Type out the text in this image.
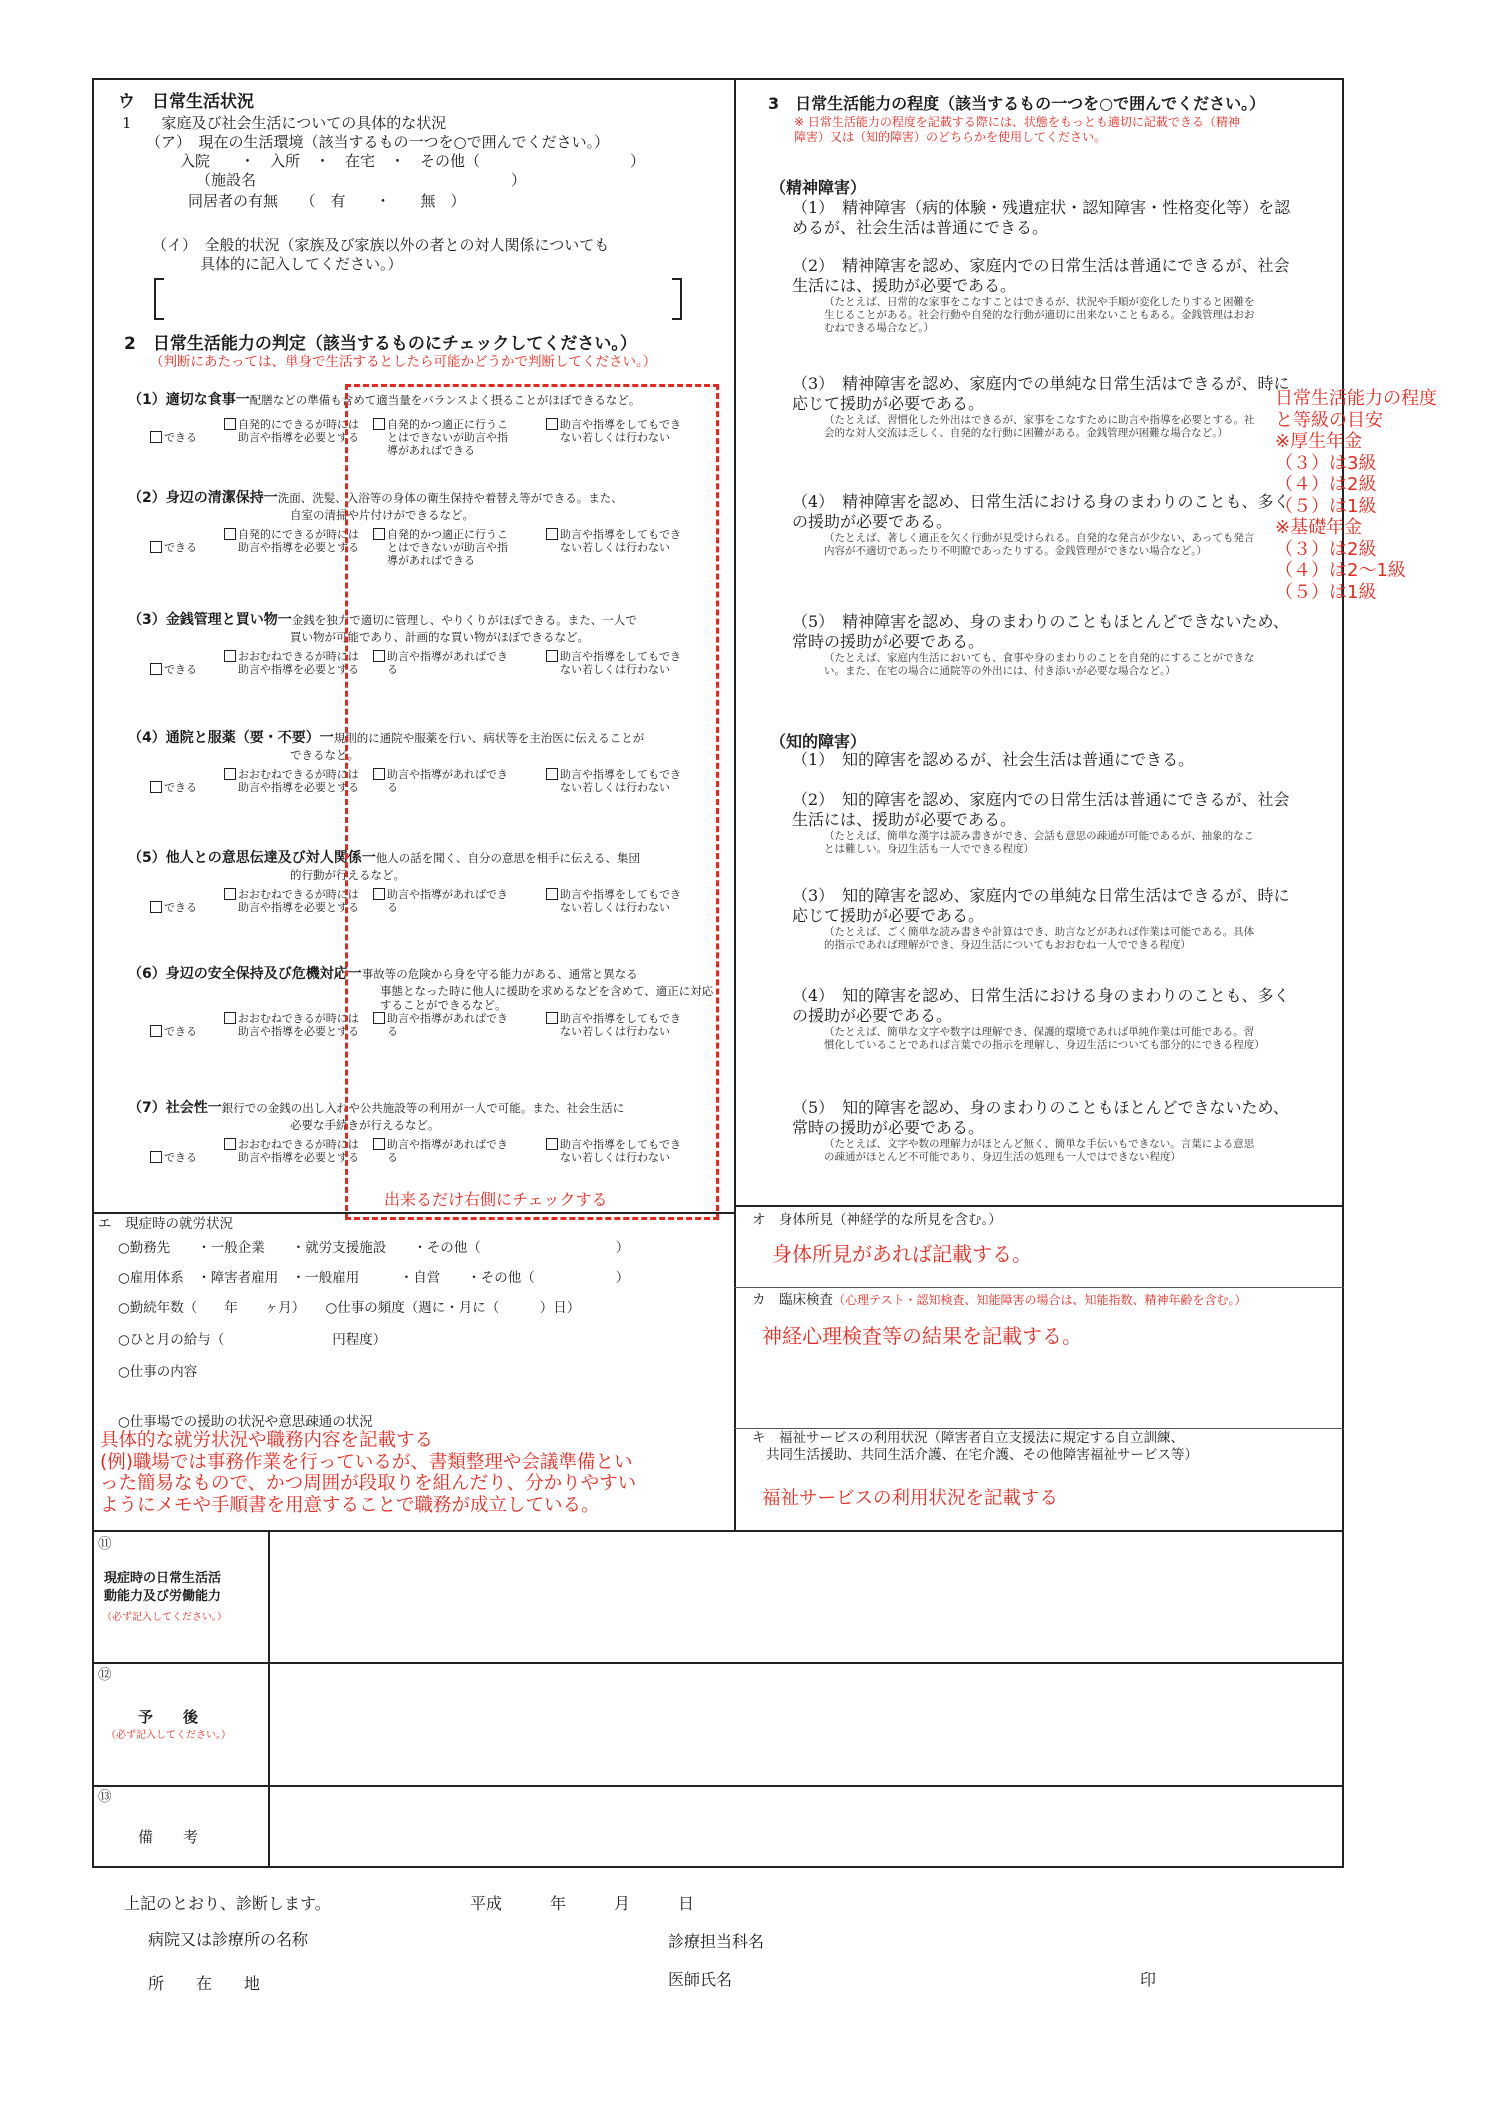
ウ　日常生活状況
1　　家庭及び社会生活についての具体的な状況
（ア）　現在の生活環境（該当するもの一つを○で囲んでください。）
入院　　・　入所　・　在宅　・　その他（　　　　　　　　　　）
（施設名　　　　　　　　　　　　　　　　　）
同居者の有無　　（　有　　・　　無　）
（イ）　全般的状況（家族及び家族以外の者との対人関係についても
具体的に記入してください。）
2　日常生活能力の判定（該当するものにチェックしてください。）
（判断にあたっては、単身で生活するとしたら可能かどうかで判断してください。）
（1）適切な食事一配膳などの準備も含めて適当量をバランスよく摂ることがほぼできるなど。
できる
自発的にできるが時には助言や指導を必要とする
自発的かつ適正に行うことはできないが助言や指導があればできる
助言や指導をしてもできない若しくは行わない
（2）身辺の清潔保持一洗面、洗髪、入浴等の身体の衛生保持や着替え等ができる。また、
自室の清掃や片付けができるなど。
できる
自発的にできるが時には助言や指導を必要とする
自発的かつ適正に行うことはできないが助言や指導があればできる
助言や指導をしてもできない若しくは行わない
（3）金銭管理と買い物一金銭を独力で適切に管理し、やりくりがほぼできる。また、一人で
買い物が可能であり、計画的な買い物がほぼできるなど。
できる
おおむねできるが時には助言や指導を必要とする
助言や指導があればできる
助言や指導をしてもできない若しくは行わない
（4）通院と服薬（要・不要）一規則的に通院や服薬を行い、病状等を主治医に伝えることが
できるなど。
できる
おおむねできるが時には助言や指導を必要とする
助言や指導があればできる
助言や指導をしてもできない若しくは行わない
（5）他人との意思伝達及び対人関係一他人の話を聞く、自分の意思を相手に伝える、集団
的行動が行えるなど。
できる
おおむねできるが時には助言や指導を必要とする
助言や指導があればできる
助言や指導をしてもできない若しくは行わない
（6）身辺の安全保持及び危機対応一事故等の危険から身を守る能力がある、通常と異なる
事態となった時に他人に援助を求めるなどを含めて、適正に対応することができるなど。
できる
おおむねできるが時には助言や指導を必要とする
助言や指導があればできる
助言や指導をしてもできない若しくは行わない
（7）社会性一銀行での金銭の出し入れや公共施設等の利用が一人で可能。また、社会生活に
必要な手続きが行えるなど。
できる
おおむねできるが時には助言や指導を必要とする
助言や指導があればできる
助言や指導をしてもできない若しくは行わない
出来るだけ右側にチェックする
3　日常生活能力の程度（該当するもの一つを○で囲んでください。）
※ 日常生活能力の程度を記載する際には、状態をもっとも適切に記載できる（精神障害）又は（知的障害）のどちらかを使用してください。
（精神障害）
（1）　精神障害（病的体験・残遺症状・認知障害・性格変化等）を認めるが、社会生活は普通にできる。
（2）　精神障害を認め、家庭内での日常生活は普通にできるが、社会生活には、援助が必要である。
（たとえば、日常的な家事をこなすことはできるが、状況や手順が変化したりすると困難を生じることがある。社会行動や自発的な行動が適切に出来ないこともある。金銭管理はおおむねできる場合など。）
（3）　精神障害を認め、家庭内での単純な日常生活はできるが、時に応じて援助が必要である。
（たとえば、習慣化した外出はできるが、家事をこなすために助言や指導を必要とする。社会的な対人交流は乏しく、自発的な行動に困難がある。金銭管理が困難な場合など。）
（4）　精神障害を認め、日常生活における身のまわりのことも、多くの援助が必要である。
（たとえば、著しく適正を欠く行動が見受けられる。自発的な発言が少ない、あっても発言内容が不適切であったり不明瞭であったりする。金銭管理ができない場合など。）
（5）　精神障害を認め、身のまわりのこともほとんどできないため、常時の援助が必要である。
（たとえば、家庭内生活においても、食事や身のまわりのことを自発的にすることができない。また、在宅の場合に通院等の外出には、付き添いが必要な場合など。）
（知的障害）
（1）　知的障害を認めるが、社会生活は普通にできる。
（2）　知的障害を認め、家庭内での日常生活は普通にできるが、社会生活には、援助が必要である。
（たとえば、簡単な漢字は読み書きができ、会話も意思の疎通が可能であるが、抽象的なことは難しい。身辺生活も一人でできる程度）
（3）　知的障害を認め、家庭内での単純な日常生活はできるが、時に応じて援助が必要である。
（たとえば、ごく簡単な読み書きや計算はでき、助言などがあれば作業は可能である。具体的指示であれば理解ができ、身辺生活についてもおおむね一人でできる程度）
（4）　知的障害を認め、日常生活における身のまわりのことも、多くの援助が必要である。
（たとえば、簡単な文字や数字は理解でき、保護的環境であれば単純作業は可能である。習慣化していることであれば言葉での指示を理解し、身辺生活についても部分的にできる程度）
（5）　知的障害を認め、身のまわりのこともほとんどできないため、常時の援助が必要である。
（たとえば、文字や数の理解力がほとんど無く、簡単な手伝いもできない。言葉による意思の疎通がほとんど不可能であり、身辺生活の処理も一人ではできない程度）
日常生活能力の程度
と等級の目安
※厚生年金
（３）は3級
（４）は2級
（５）は1級
※基礎年金
（３）は2級
（４）は2〜1級
（５）は1級
エ　現症時の就労状況
○勤務先　　・一般企業　　・就労支援施設　　・その他（　　　　　　　　　　）
○雇用体系　・障害者雇用　・一般雇用　　　・自営　　・その他（　　　　　　）
○勤続年数（　　年　　ヶ月）　　○仕事の頻度（週に・月に（　　　）日）
○ひと月の給与（　　　　　　　　円程度）
○仕事の内容
○仕事場での援助の状況や意思疎通の状況
具体的な就労状況や職務内容を記載する
(例)職場では事務作業を行っているが、書類整理や会議準備とい
った簡易なもので、かつ周囲が段取りを組んだり、分かりやすい
ようにメモや手順書を用意することで職務が成立している。
オ　身体所見（神経学的な所見を含む。）
身体所見があれば記載する。
カ　臨床検査（心理テスト・認知検査、知能障害の場合は、知能指数、精神年齢を含む。）
神経心理検査等の結果を記載する。
キ　福祉サービスの利用状況（障害者自立支援法に規定する自立訓練、
共同生活援助、共同生活介護、在宅介護、その他障害福祉サービス等）
福祉サービスの利用状況を記載する
⑪
現症時の日常生活活
動能力及び労働能力
（必ず記入してください。）
⑫
予　　後
（必ず記入してください。）
⑬
備　　考
上記のとおり、診断します。	平成　　　年　　　月　　　日
病院又は診療所の名称
所　　在　　地
診療担当科名
医師氏名	印
